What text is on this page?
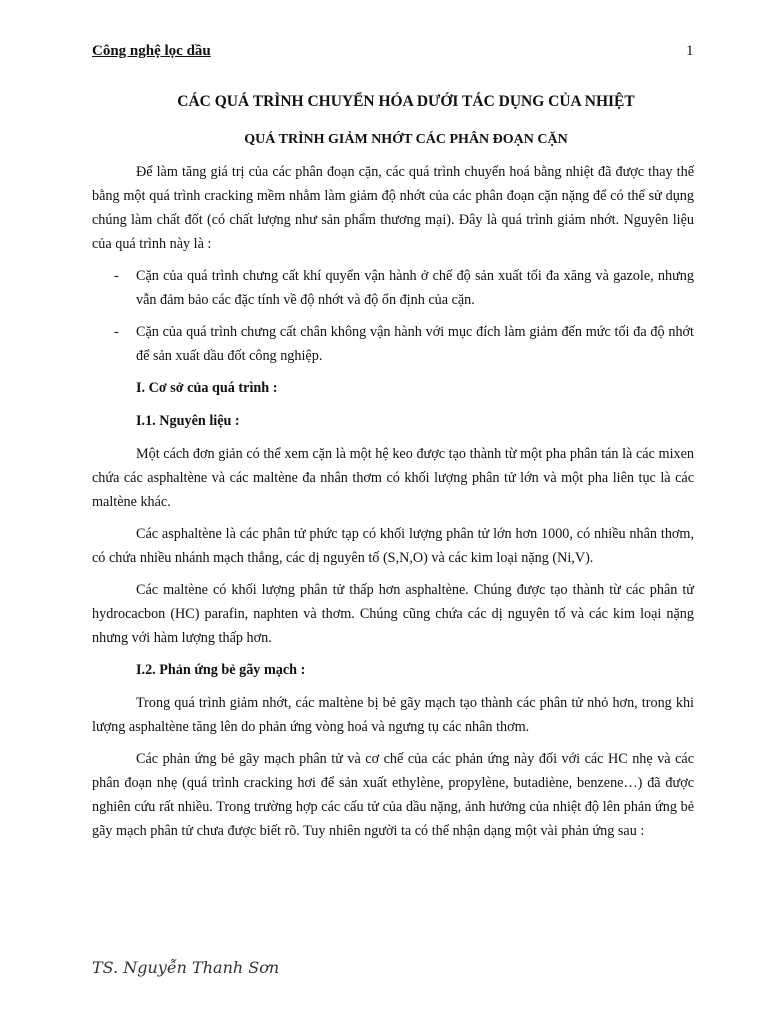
Công nghệ lọc dầu	1
CÁC QUÁ TRÌNH CHUYỂN HÓA DƯỚI TÁC DỤNG CỦA NHIỆT
QUÁ TRÌNH GIẢM NHỚT CÁC PHÂN ĐOẠN CẶN

Để làm tăng giá trị của các phân đoạn cặn, các quá trình chuyển hoá bằng nhiệt đã được thay thế bằng một quá trình cracking mềm nhằm làm giảm độ nhớt của các phân đoạn cặn nặng để có thể sử dụng chúng làm chất đốt (có chất lượng như sản phẩm thương mại). Đây là quá trình giảm nhớt. Nguyên liệu của quá trình này là :

- Cặn của quá trình chưng cất khí quyển vận hành ở chế độ sản xuất tối đa xăng và gazole, nhưng vẫn đảm bảo các đặc tính về độ nhớt và độ ổn định của cặn.
- Cặn của quá trình chưng cất chân không vận hành với mục đích làm giảm đến mức tối đa độ nhớt để sản xuất dầu đốt công nghiệp.
I. Cơ sở của quá trình :
I.1. Nguyên liệu :

Một cách đơn giản có thể xem cặn là một hệ keo được tạo thành từ một pha phân tán là các mixen chứa các asphaltène và các maltène đa nhân thơm có khối lượng phân tử lớn và một pha liên tục là các maltène khác.

Các asphaltène là các phân tử phức tạp có khối lượng phân tử lớn hơn 1000, có nhiều nhân thơm, có chứa nhiều nhánh mạch thẳng, các dị nguyên tố (S,N,O) và các kim loại nặng (Ni,V).

Các maltène có khối lượng phân tử thấp hơn asphaltène. Chúng được tạo thành từ các phân tử hydrocacbon (HC) parafin, naphten và thơm. Chúng cũng chứa các dị nguyên tố và các kim loại nặng nhưng với hàm lượng thấp hơn.

I.2. Phản ứng bẻ gãy mạch :

Trong quá trình giảm nhớt, các maltène bị bẻ gãy mạch tạo thành các phân tử nhỏ hơn, trong khi lượng asphaltène tăng lên do phản ứng vòng hoá và ngưng tụ các nhân thơm.

Các phản ứng bẻ gãy mạch phân tử và cơ chế của các phản ứng này đối với các HC nhẹ và các phân đoạn nhẹ (quá trình cracking hơi để sản xuất ethylène, propylène, butadiène, benzene…) đã được nghiên cứu rất nhiều. Trong trường hợp các cấu tử của dầu nặng, ảnh hưởng của nhiệt độ lên phản ứng bẻ gãy mạch phân tử chưa được biết rõ. Tuy nhiên người ta có thể nhận dạng một vài phản ứng sau :

TS. Nguyễn Thanh Sơn
